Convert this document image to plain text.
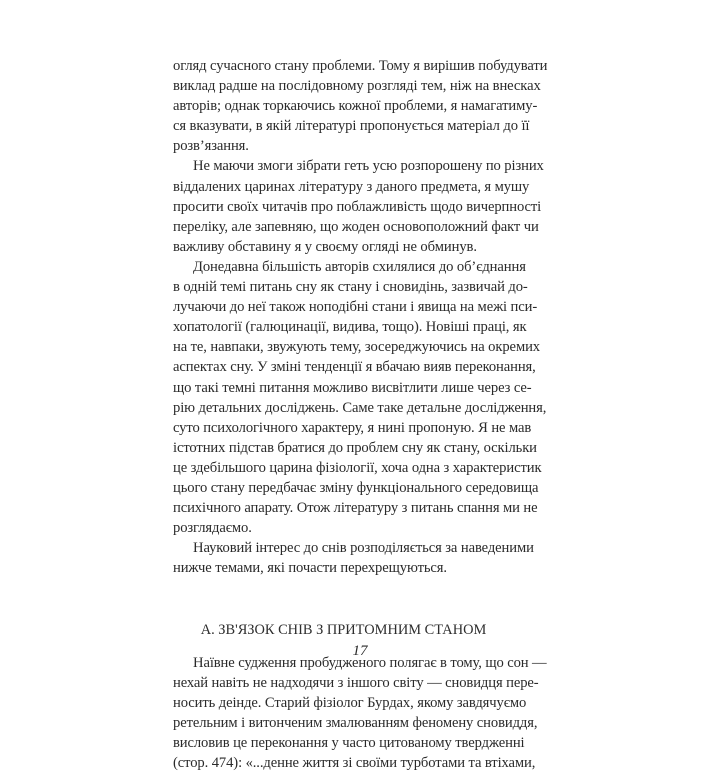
огляд сучасного стану проблеми. Тому я вирішив побудувати
виклад радше на послідовному розгляді тем, ніж на внесках
авторів; однак торкаючись кожної проблеми, я намагатиму-
ся вказувати, в якій літературі пропонується матеріал до її
розв’язання.
Не маючи змоги зібрати геть усю розпорошену по різних
віддалених царинах літературу з даного предмета, я мушу
просити своїх читачів про поблажливість щодо вичерпності
переліку, але запевняю, що жоден основоположний факт чи
важливу обставину я у своєму огляді не обминув.
Донедавна більшість авторів схилялися до об’єднання
в одній темі питань сну як стану і сновидінь, зазвичай до-
лучаючи до неї також ноподібні стани і явища на межі пси-
хопатології (галюцинації, видива, тощо). Новіші праці, як
на те, навпаки, звужують тему, зосереджуючись на окремих
аспектах сну. У зміні тенденції я вбачаю вияв переконання,
що такі темні питання можливо висвітлити лише через се-
рію детальних досліджень. Саме таке детальне дослідження,
суто психологічного характеру, я нині пропоную. Я не мав
істотних підстав братися до проблем сну як стану, оскільки
це здебільшого царина фізіології, хоча одна з характеристик
цього стану передбачає зміну функціонального середовища
психічного апарату. Отож літературу з питань спання ми не
розглядаємо.
Науковий інтерес до снів розподіляється за наведеними
нижче темами, які почасти перехрещуються.
А. ЗВ'ЯЗОК СНІВ З ПРИТОМНИМ СТАНОМ
Наївне судження пробудженого полягає в тому, що сон —
нехай навіть не надходячи з іншого світу — сновидця пере-
носить деінде. Старий фізіолог Бурдах, якому завдячуємо
ретельним і витонченим змалюванням феномену сновиддя,
висловив це переконання у часто цитованому твердженні
(стор. 474): «...денне життя зі своїми турботами та втіхами,
17
